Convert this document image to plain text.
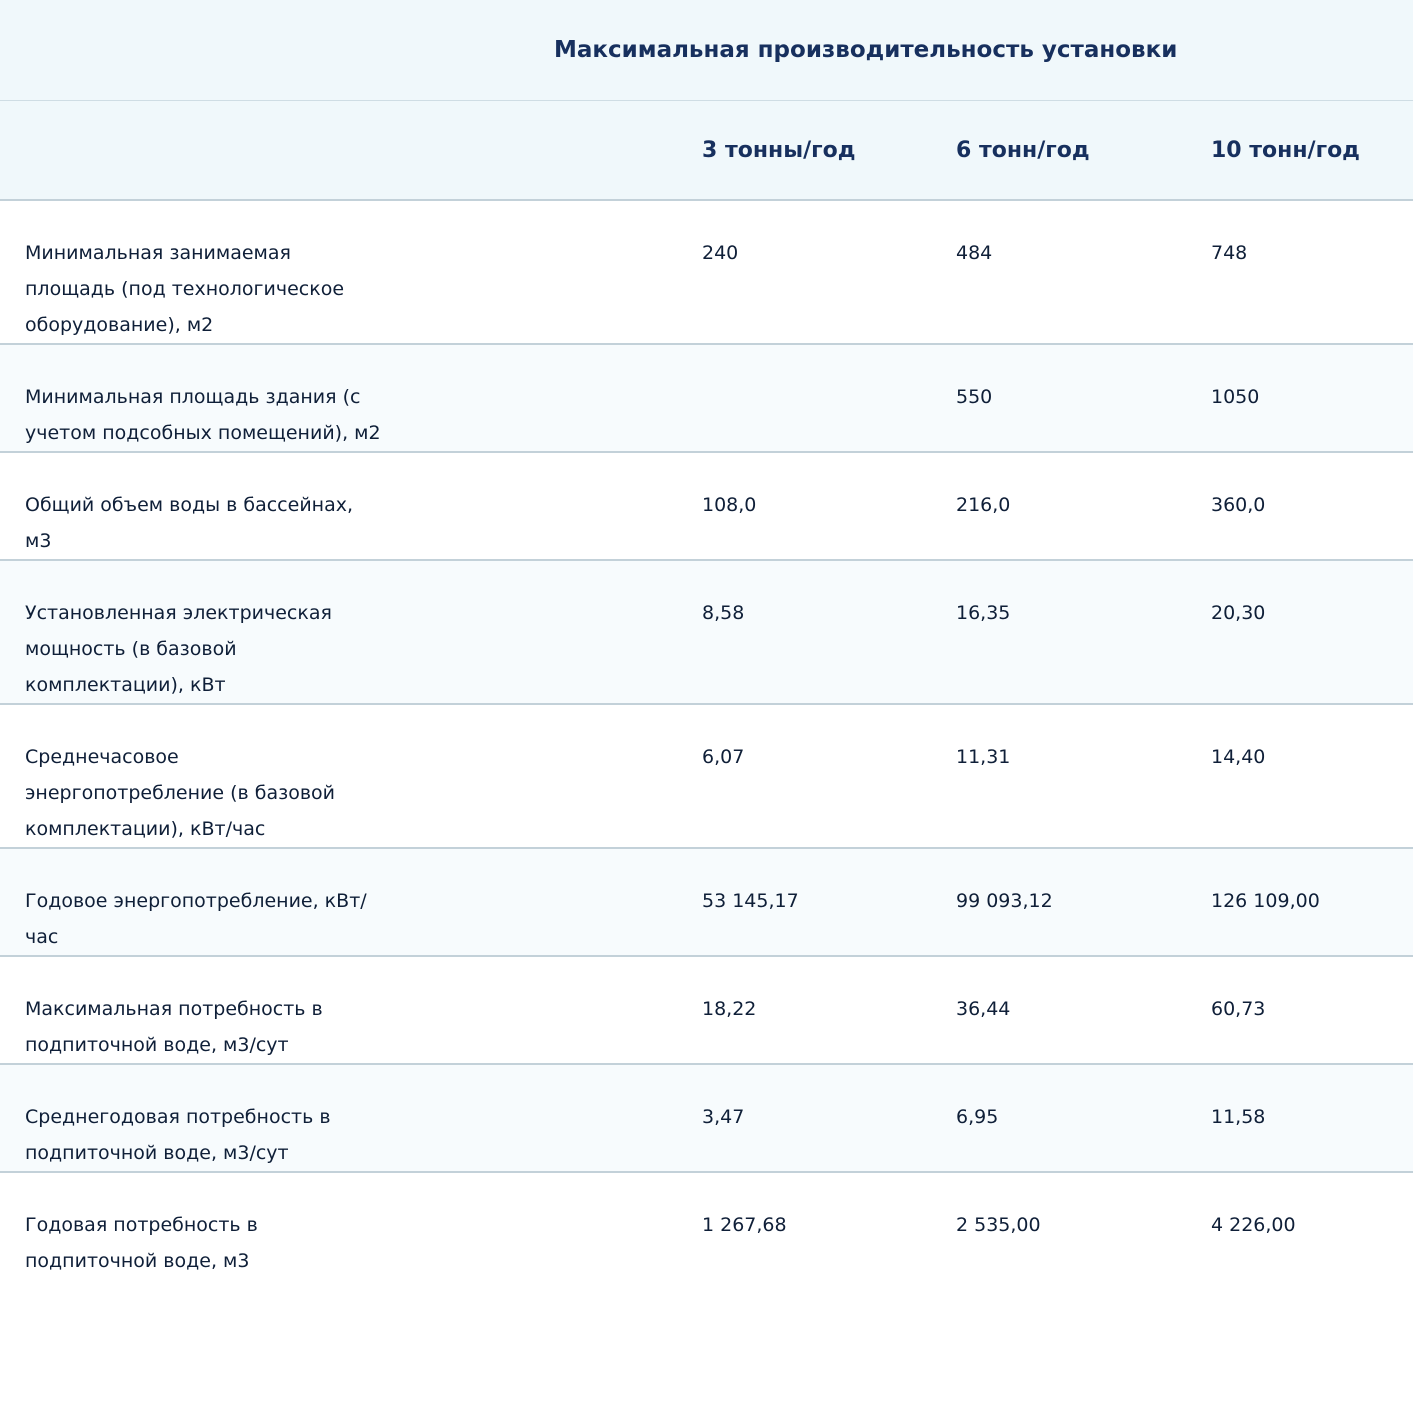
Максимальная производительность установки			

	3 тонны/год	6 тонн/год	10 тонн/год
Минимальная занимаемая площадь (под технологическое оборудование), м2	240	484	748
Минимальная площадь здания (с учетом подсобных помещений), м2		550	1050
Общий объем воды в бассейнах, м3	108,0	216,0	360,0
Установленная электрическая мощность (в базовой комплектации), кВт	8,58	16,35	20,30
Среднечасовое энергопотребление (в базовой комплектации), кВт/час	6,07	11,31	14,40
Годовое энергопотребление, кВт/час	53 145,17	99 093,12	126 109,00
Максимальная потребность в подпиточной воде, м3/сут	18,22	36,44	60,73
Среднегодовая потребность в подпиточной воде, м3/сут	3,47	6,95	11,58
Годовая потребность в подпиточной воде, м3	1 267,68	2 535,00	4 226,00
